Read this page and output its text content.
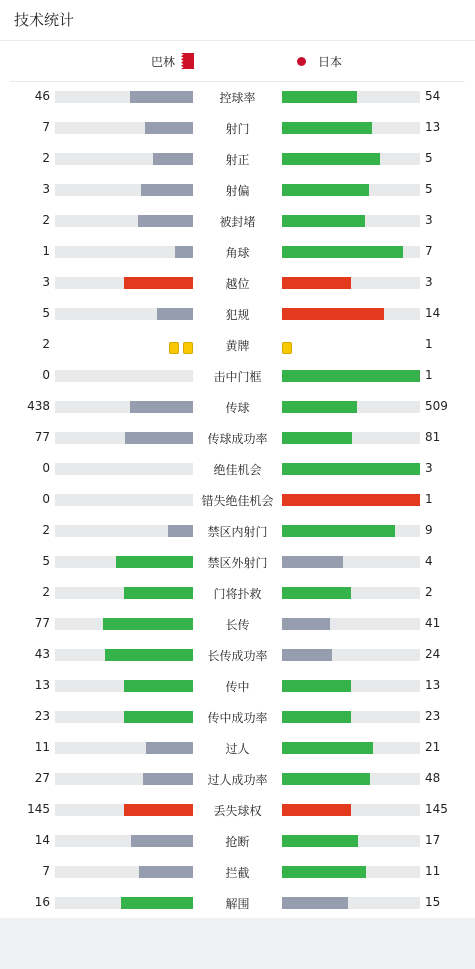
技术统计
巴林	日本
46	控球率	54
7	射门	13
2	射正	5
3	射偏	5
2	被封堵	3
1	角球	7
3	越位	3
5	犯规	14
2	黄牌	1
0	击中门框	1
438	传球	509
77	传球成功率	81
0	绝佳机会	3
0	错失绝佳机会	1
2	禁区内射门	9
5	禁区外射门	4
2	门将扑救	2
77	长传	41
43	长传成功率	24
13	传中	13
23	传中成功率	23
11	过人	21
27	过人成功率	48
145	丢失球权	145
14	抢断	17
7	拦截	11
16	解围	15
